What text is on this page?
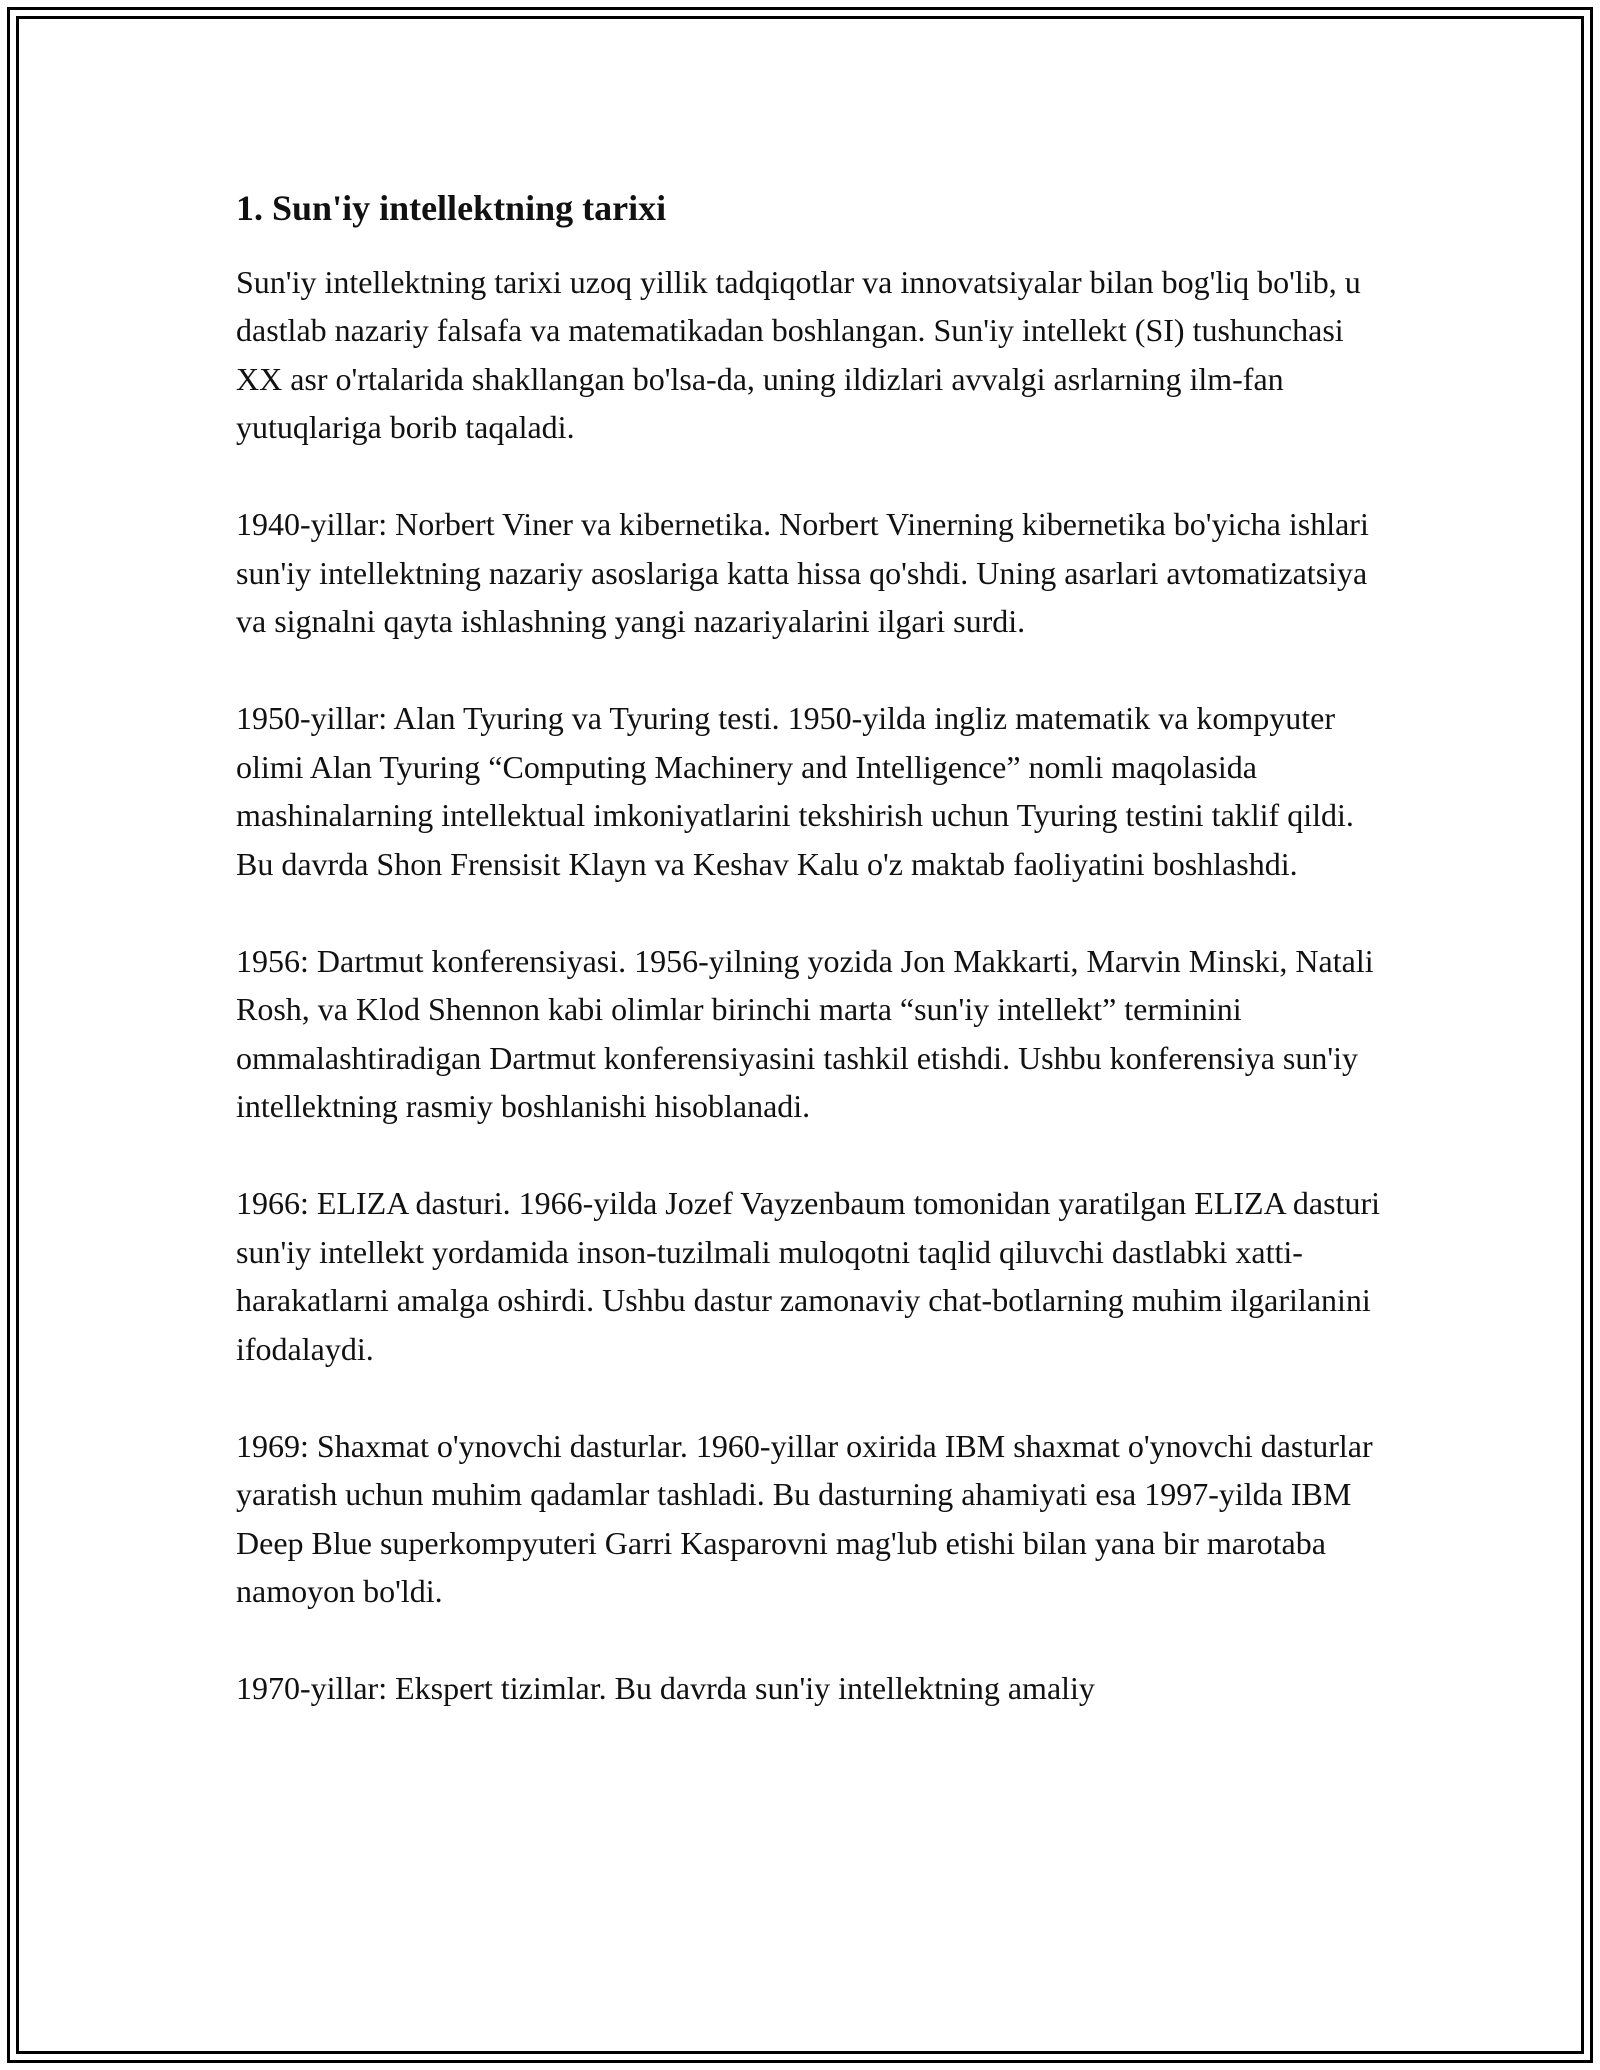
1. Sun'iy intellektning tarixi

Sun'iy intellektning tarixi uzoq yillik tadqiqotlar va innovatsiyalar bilan bog'liq bo'lib, u dastlab nazariy falsafa va matematikadan boshlangan. Sun'iy intellekt (SI) tushunchasi XX asr o'rtalarida shakllangan bo'lsa-da, uning ildizlari avvalgi asrlarning ilm-fan yutuqlariga borib taqaladi.

1940-yillar: Norbert Viner va kibernetika. Norbert Vinerning kibernetika bo'yicha ishlari sun'iy intellektning nazariy asoslariga katta hissa qo'shdi. Uning asarlari avtomatizatsiya va signalni qayta ishlashning yangi nazariyalarini ilgari surdi.

1950-yillar: Alan Tyuring va Tyuring testi. 1950-yilda ingliz matematik va kompyuter olimi Alan Tyuring “Computing Machinery and Intelligence” nomli maqolasida mashinalarning intellektual imkoniyatlarini tekshirish uchun Tyuring testini taklif qildi. Bu davrda Shon Frensisit Klayn va Keshav Kalu o'z maktab faoliyatini boshlashdi.

1956: Dartmut konferensiyasi. 1956-yilning yozida Jon Makkarti, Marvin Minski, Natali Rosh, va Klod Shennon kabi olimlar birinchi marta “sun'iy intellekt” terminini ommalashtiradigan Dartmut konferensiyasini tashkil etishdi. Ushbu konferensiya sun'iy intellektning rasmiy boshlanishi hisoblanadi.

1966: ELIZA dasturi. 1966-yilda Jozef Vayzenbaum tomonidan yaratilgan ELIZA dasturi sun'iy intellekt yordamida inson-tuzilmali muloqotni taqlid qiluvchi dastlabki xatti-harakatlarni amalga oshirdi. Ushbu dastur zamonaviy chat-botlarning muhim ilgarilanini ifodalaydi.

1969: Shaxmat o'ynovchi dasturlar. 1960-yillar oxirida IBM shaxmat o'ynovchi dasturlar yaratish uchun muhim qadamlar tashladi. Bu dasturning ahamiyati esa 1997-yilda IBM Deep Blue superkompyuteri Garri Kasparovni mag'lub etishi bilan yana bir marotaba namoyon bo'ldi.

1970-yillar: Ekspert tizimlar. Bu davrda sun'iy intellektning amaliy
